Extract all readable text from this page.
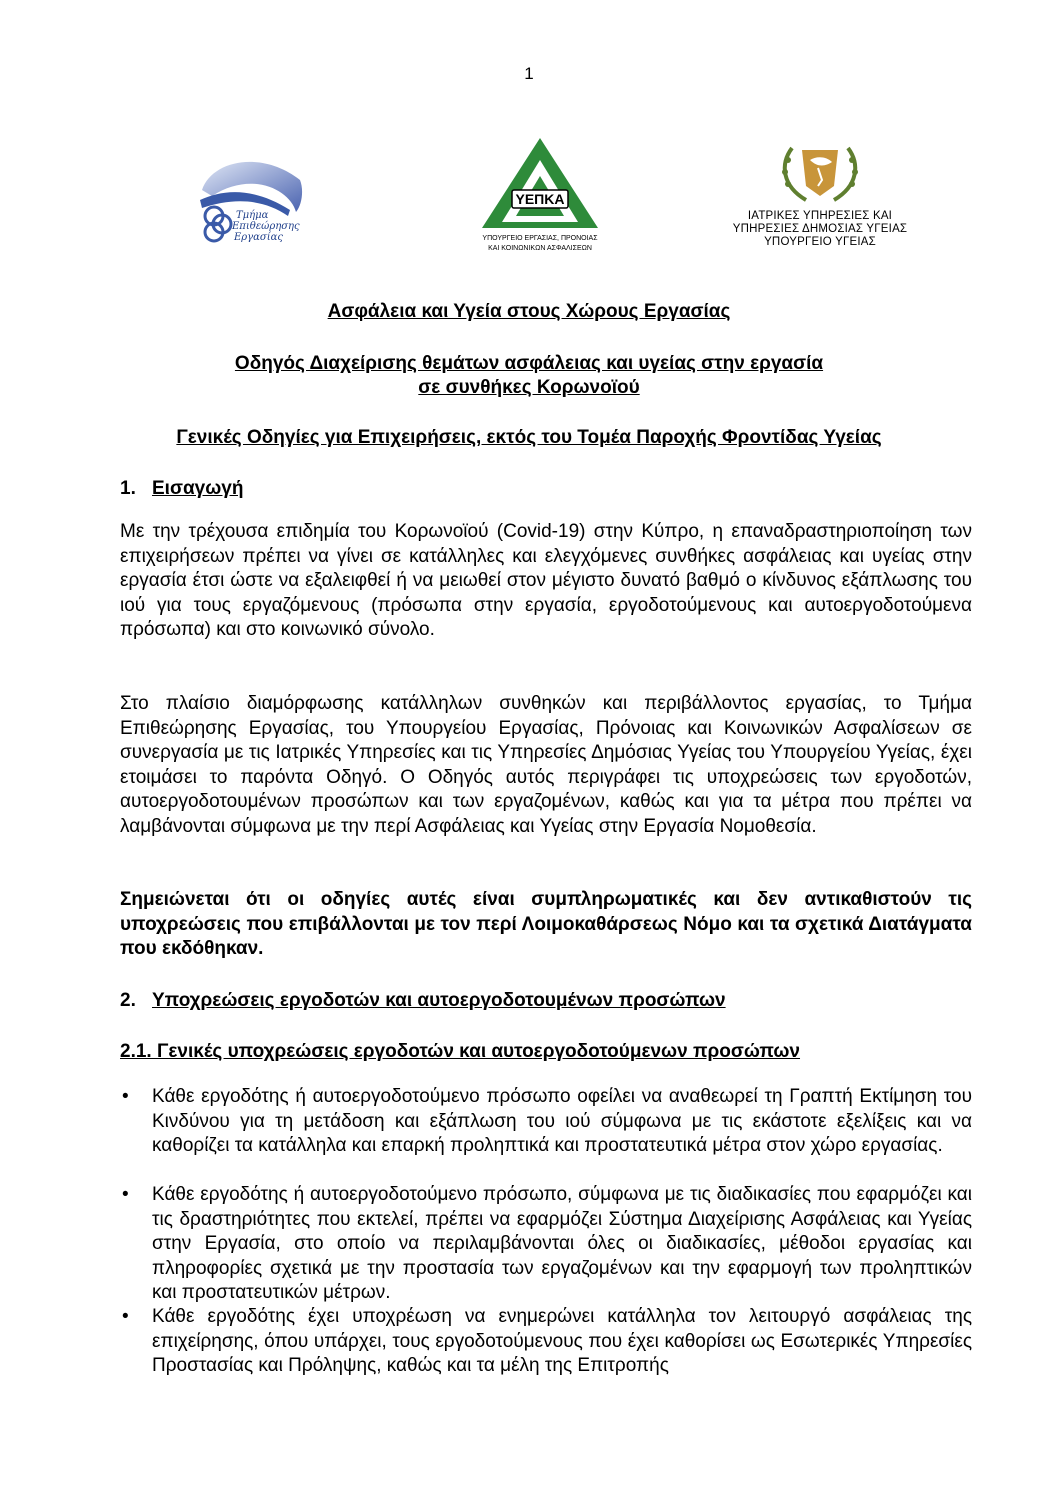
1
Τμήμα
Επιθεώρησης
Εργασίας
ΥΕΠΚΑ
ΥΠΟΥΡΓΕΙΟ ΕΡΓΑΣΙΑΣ, ΠΡΟΝΟΙΑΣ
ΚΑΙ ΚΟΙΝΩΝΙΚΩΝ ΑΣΦΑΛΙΣΕΩΝ
ΙΑΤΡΙΚΕΣ ΥΠΗΡΕΣΙΕΣ ΚΑΙ
ΥΠΗΡΕΣΙΕΣ ΔΗΜΟΣΙΑΣ ΥΓΕΙΑΣ
ΥΠΟΥΡΓΕΙΟ ΥΓΕΙΑΣ
Ασφάλεια και Υγεία στους Χώρους Εργασίας
Οδηγός Διαχείρισης θεμάτων ασφάλειας και υγείας στην εργασία
σε συνθήκες Κορωνοϊού
Γενικές Οδηγίες για Επιχειρήσεις, εκτός του Τομέα Παροχής Φροντίδας Υγείας
1. Εισαγωγή
Με την τρέχουσα επιδημία του Κορωνοϊού (Covid-19) στην Κύπρο, η επαναδραστηριοποίηση των επιχειρήσεων πρέπει να γίνει σε κατάλληλες και ελεγχόμενες συνθήκες ασφάλειας και υγείας στην εργασία έτσι ώστε να εξαλειφθεί ή να μειωθεί στον μέγιστο δυνατό βαθμό ο κίνδυνος εξάπλωσης του ιού για τους εργαζόμενους (πρόσωπα στην εργασία, εργοδοτούμενους και αυτοεργοδοτούμενα πρόσωπα) και στο κοινωνικό σύνολο.
Στο πλαίσιο διαμόρφωσης κατάλληλων συνθηκών και περιβάλλοντος εργασίας, το Τμήμα Επιθεώρησης Εργασίας, του Υπουργείου Εργασίας, Πρόνοιας και Κοινωνικών Ασφαλίσεων σε συνεργασία με τις Ιατρικές Υπηρεσίες και τις Υπηρεσίες Δημόσιας Υγείας του Υπουργείου Υγείας, έχει ετοιμάσει το παρόντα Οδηγό. Ο Οδηγός αυτός περιγράφει τις υποχρεώσεις των εργοδοτών, αυτοεργοδοτουμένων προσώπων και των εργαζομένων, καθώς και για τα μέτρα που πρέπει να λαμβάνονται σύμφωνα με την περί Ασφάλειας και Υγείας στην Εργασία Νομοθεσία.
Σημειώνεται ότι οι οδηγίες αυτές είναι συμπληρωματικές και δεν αντικαθιστούν τις υποχρεώσεις που επιβάλλονται με τον περί Λοιμοκαθάρσεως Νόμο και τα σχετικά Διατάγματα που εκδόθηκαν.
2. Υποχρεώσεις εργοδοτών και αυτοεργοδοτουμένων προσώπων
2.1. Γενικές υποχρεώσεις εργοδοτών και αυτοεργοδοτούμενων προσώπων
• Κάθε εργοδότης ή αυτοεργοδοτούμενο πρόσωπο οφείλει να αναθεωρεί τη Γραπτή Εκτίμηση του Κινδύνου για τη μετάδοση και εξάπλωση του ιού σύμφωνα με τις εκάστοτε εξελίξεις και να καθορίζει τα κατάλληλα και επαρκή προληπτικά και προστατευτικά μέτρα στον χώρο εργασίας.
• Κάθε εργοδότης ή αυτοεργοδοτούμενο πρόσωπο, σύμφωνα με τις διαδικασίες που εφαρμόζει και τις δραστηριότητες που εκτελεί, πρέπει να εφαρμόζει Σύστημα Διαχείρισης Ασφάλειας και Υγείας στην Εργασία, στο οποίο να περιλαμβάνονται όλες οι διαδικασίες, μέθοδοι εργασίας και πληροφορίες σχετικά με την προστασία των εργαζομένων και την εφαρμογή των προληπτικών και προστατευτικών μέτρων.
• Κάθε εργοδότης έχει υποχρέωση να ενημερώνει κατάλληλα τον λειτουργό ασφάλειας της επιχείρησης, όπου υπάρχει, τους εργοδοτούμενους που έχει καθορίσει ως Εσωτερικές Υπηρεσίες Προστασίας και Πρόληψης, καθώς και τα μέλη της Επιτροπής
